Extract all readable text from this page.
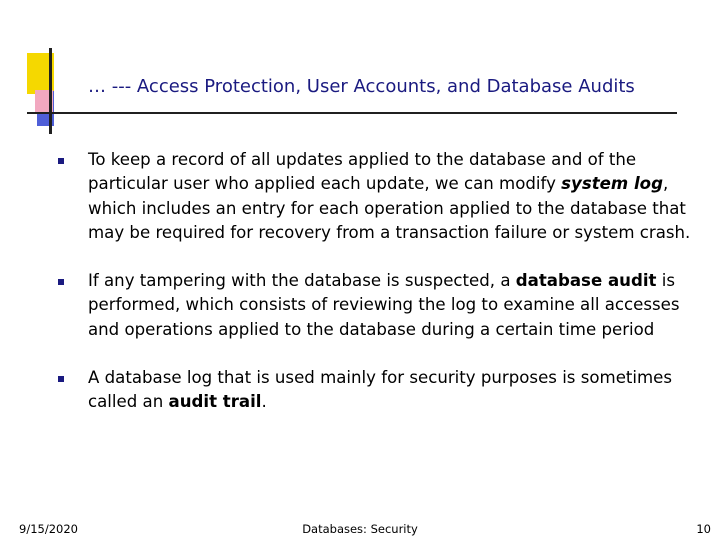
… --- Access Protection, User Accounts, and Database Audits
To keep a record of all updates applied to the database and of the particular user who applied each update, we can modify system log, which includes an entry for each operation applied to the database that may be required for recovery from a transaction failure or system crash.
If any tampering with the database is suspected, a database audit is performed, which consists of reviewing the log to examine all accesses and operations applied to the database during a certain time period
A database log that is used mainly for security purposes is sometimes called an audit trail.
9/15/2020	Databases: Security	10
